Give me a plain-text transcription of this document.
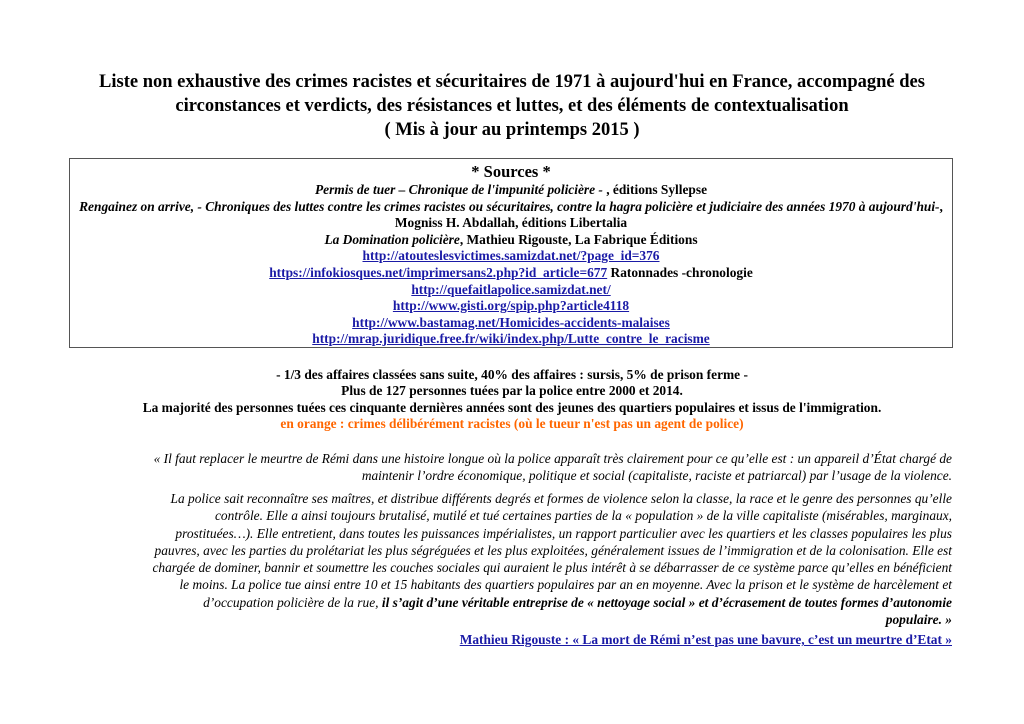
Liste non exhaustive des crimes racistes et sécuritaires de 1971 à aujourd'hui en France, accompagné des
circonstances et verdicts, des résistances et luttes, et des éléments de contextualisation
( Mis à jour au printemps 2015 )
* Sources *
Permis de tuer – Chronique de l'impunité policière - , éditions Syllepse
Rengainez on arrive, - Chroniques des luttes contre les crimes racistes ou sécuritaires, contre la hagra policière et judiciaire des années 1970 à aujourd'hui-, Mogniss H. Abdallah, éditions Libertalia
La Domination policière, Mathieu Rigouste, La Fabrique Éditions
http://atouteslesvictimes.samizdat.net/?page_id=376
https://infokiosques.net/imprimersans2.php?id_article=677 Ratonnades -chronologie
http://quefaitlapolice.samizdat.net/
http://www.gisti.org/spip.php?article4118
http://www.bastamag.net/Homicides-accidents-malaises
http://mrap.juridique.free.fr/wiki/index.php/Lutte_contre_le_racisme
- 1/3 des affaires classées sans suite, 40% des affaires : sursis, 5% de prison ferme -
Plus de 127 personnes tuées par la police entre 2000 et 2014.
La majorité des personnes tuées ces cinquante dernières années sont des jeunes des quartiers populaires et issus de l'immigration.
en orange : crimes délibérément racistes (où le tueur n'est pas un agent de police)
« Il faut replacer le meurtre de Rémi dans une histoire longue où la police apparaît très clairement pour ce qu’elle est : un appareil d’État chargé de
maintenir l’ordre économique, politique et social (capitaliste, raciste et patriarcal) par l’usage de la violence.
La police sait reconnaître ses maîtres, et distribue différents degrés et formes de violence selon la classe, la race et le genre des personnes qu’elle
contrôle. Elle a ainsi toujours brutalisé, mutilé et tué certaines parties de la « population » de la ville capitaliste (misérables, marginaux,
prostituées…). Elle entretient, dans toutes les puissances impérialistes, un rapport particulier avec les quartiers et les classes populaires les plus
pauvres, avec les parties du prolétariat les plus ségréguées et les plus exploitées, généralement issues de l’immigration et de la colonisation. Elle est
chargée de dominer, bannir et soumettre les couches sociales qui auraient le plus intérêt à se débarrasser de ce système parce qu’elles en bénéficient
le moins. La police tue ainsi entre 10 et 15 habitants des quartiers populaires par an en moyenne. Avec la prison et le système de harcèlement et
d’occupation policière de la rue, il s’agit d’une véritable entreprise de « nettoyage social » et d’écrasement de toutes formes d’autonomie
populaire. »
Mathieu Rigouste : « La mort de Rémi n’est pas une bavure, c’est un meurtre d’Etat »
